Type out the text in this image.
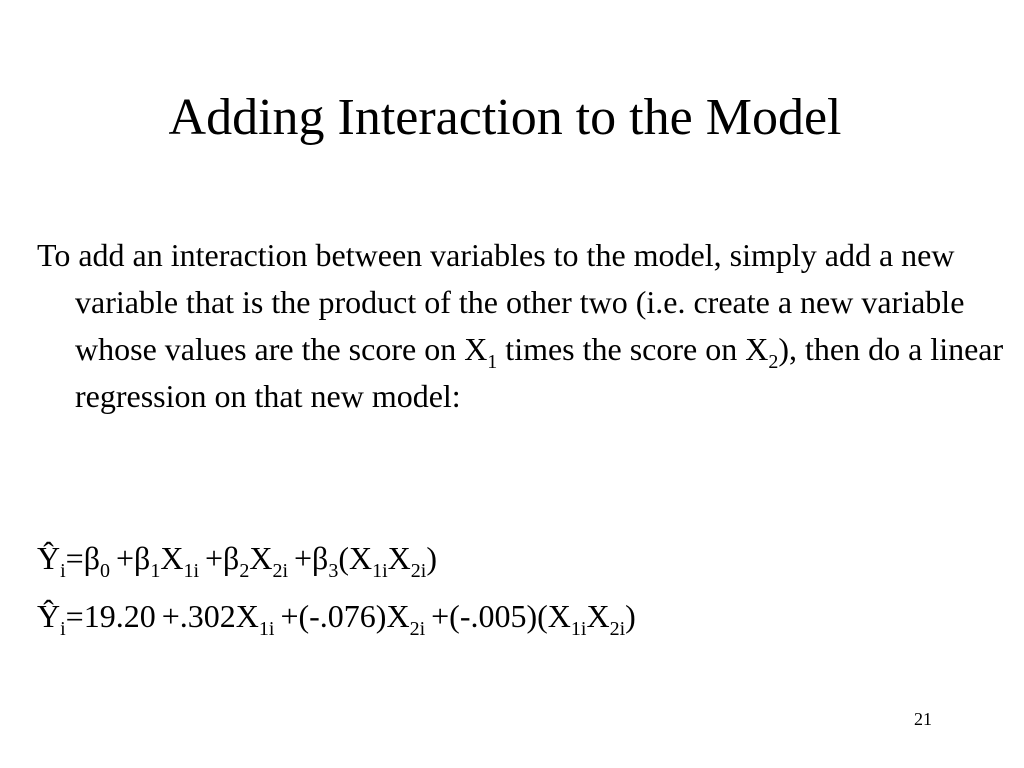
Adding Interaction to the Model

To add an interaction between variables to the model, simply add a new variable that is the product of the other two (i.e. create a new variable whose values are the score on $X_1$ times the score on $X_2$), then do a linear regression on that new model:

$Ŷ_i=\beta_0 +\beta_1X_{1i} +\beta_2X_{2i} +\beta_3(X_{1i}X_{2i})$
$Ŷ_i=19.20 +.302X_{1i} +(-.076)X_{2i} +(-.005)(X_{1i}X_{2i})$
21
